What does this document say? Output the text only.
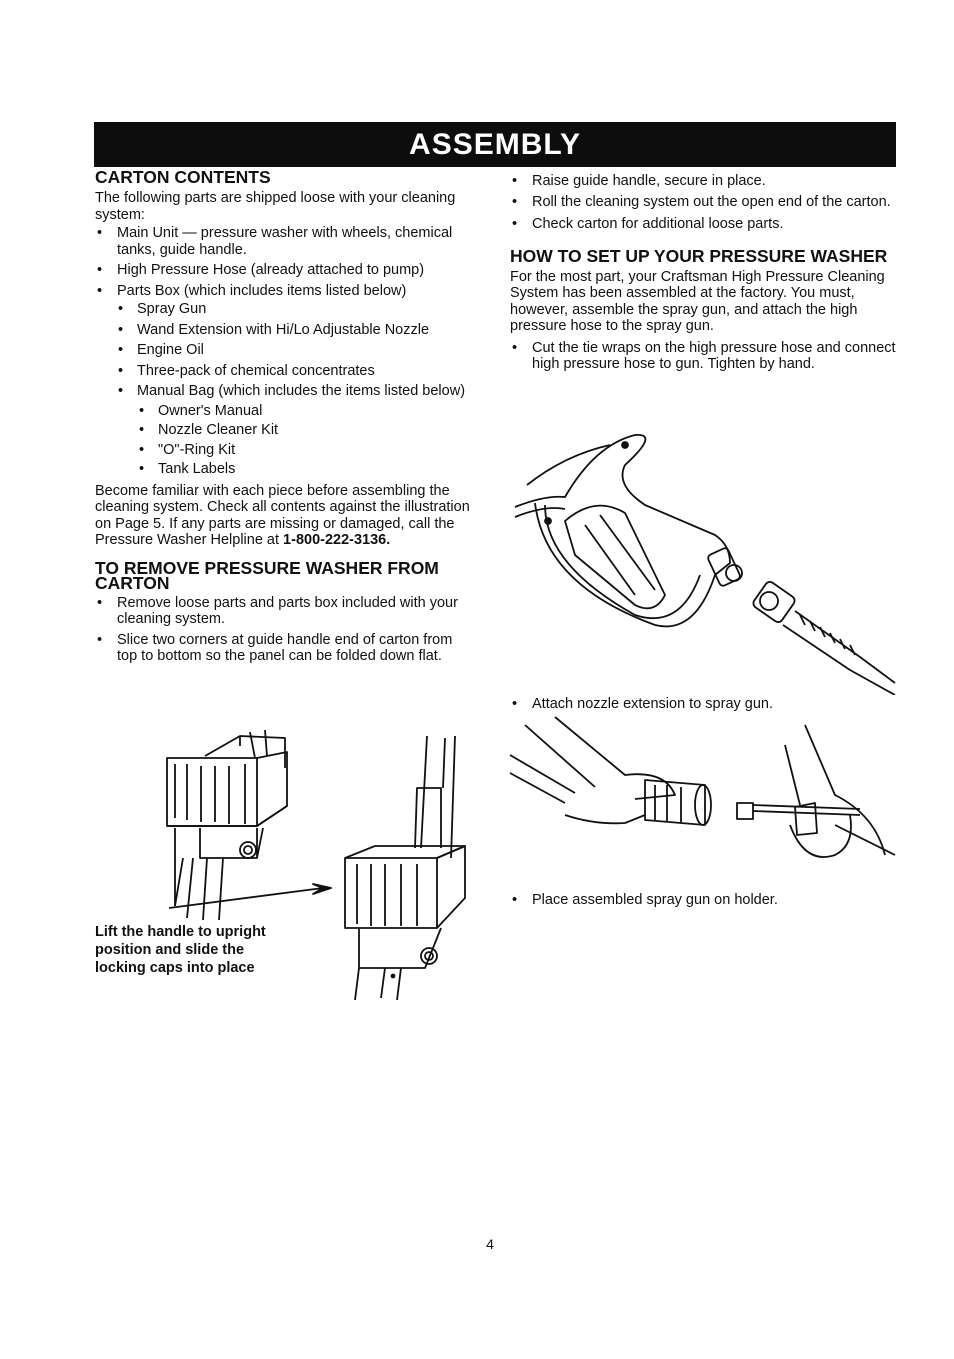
ASSEMBLY
CARTON CONTENTS

The following parts are shipped loose with your cleaning system:

• Main Unit — pressure washer with wheels, chemical tanks, guide handle.
• High Pressure Hose (already attached to pump)
• Parts Box (which includes items listed below)
• Spray Gun
• Wand Extension with Hi/Lo Adjustable Nozzle
• Engine Oil
• Three-pack of chemical concentrates
• Manual Bag (which includes the items listed below)
• Owner's Manual
• Nozzle Cleaner Kit
• "O"-Ring Kit
• Tank Labels

Become familiar with each piece before assembling the cleaning system. Check all contents against the illustration on Page 5. If any parts are missing or damaged, call the Pressure Washer Helpline at 1-800-222-3136.

TO REMOVE PRESSURE WASHER FROM CARTON
• Remove loose parts and parts box included with your cleaning system.
• Slice two corners at guide handle end of carton from top to bottom so the panel can be folded down flat.
Lift the handle to upright position and slide the locking caps into place
• Raise guide handle, secure in place.
• Roll the cleaning system out the open end of the carton.
• Check carton for additional loose parts.
HOW TO SET UP YOUR PRESSURE WASHER

For the most part, your Craftsman High Pressure Cleaning System has been assembled at the factory. You must, however, assemble the spray gun, and attach the high pressure hose to the spray gun.

• Cut the tie wraps on the high pressure hose and connect high pressure hose to gun. Tighten by hand.
• Attach nozzle extension to spray gun.
• Place assembled spray gun on holder.
4
